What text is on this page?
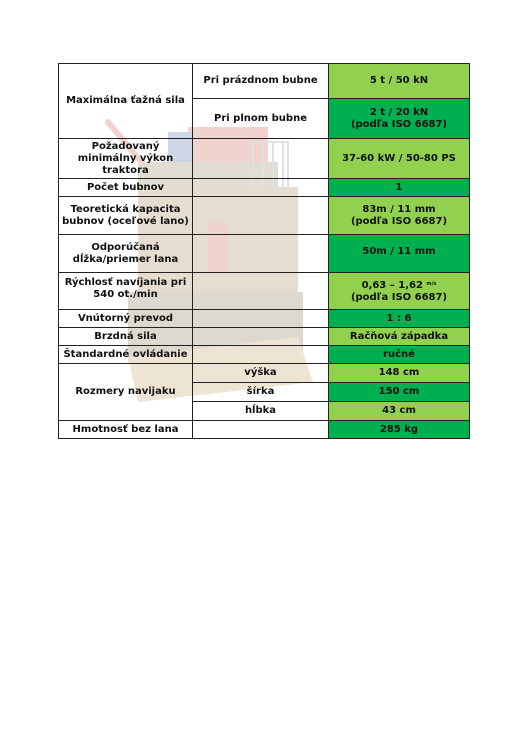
Maximálna ťažná sila	Pri prázdnom bubne	5 t / 50 kN
	Pri plnom bubne	2 t / 20 kN
(podľa ISO 6687)
Požadovaný
minimálny výkon
traktora		37-60 kW / 50-80 PS
Počet bubnov		1
Teoretická kapacita
bubnov (oceľové lano)		83m / 11 mm
(podľa ISO 6687)
Odporúčaná
dĺžka/priemer lana		50m / 11 mm
Rýchlosť navíjania pri
540 ot./min		0,63 – 1,62 $^{m/s}$
(podľa ISO 6687)
Vnútorný prevod		1 : 6
Brzdná sila		Račňová západka
Štandardné ovládanie		ručné
Rozmery navijaku	výška	148 cm
	šírka	150 cm
	hĺbka	43 cm
Hmotnosť bez lana		285 kg
